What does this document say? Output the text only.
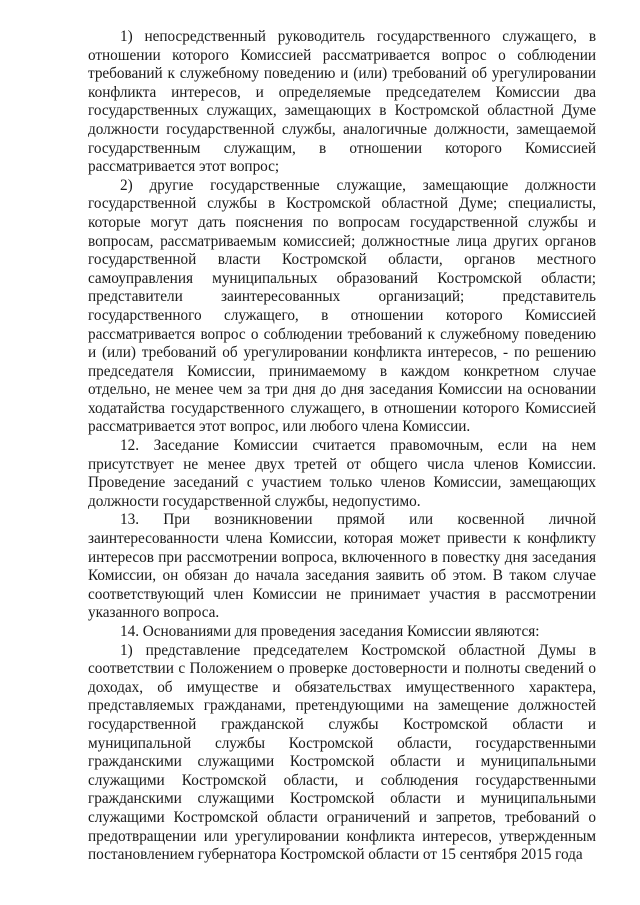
1) непосредственный руководитель государственного служащего, в отношении которого Комиссией рассматривается вопрос о соблюдении требований к служебному поведению и (или) требований об урегулировании конфликта интересов, и определяемые председателем Комиссии два государственных служащих, замещающих в Костромской областной Думе должности государственной службы, аналогичные должности, замещаемой государственным служащим, в отношении которого Комиссией рассматривается этот вопрос;

2) другие государственные служащие, замещающие должности государственной службы в Костромской областной Думе; специалисты, которые могут дать пояснения по вопросам государственной службы и вопросам, рассматриваемым комиссией; должностные лица других органов государственной власти Костромской области, органов местного самоуправления муниципальных образований Костромской области; представители заинтересованных организаций; представитель государственного служащего, в отношении которого Комиссией рассматривается вопрос о соблюдении требований к служебному поведению и (или) требований об урегулировании конфликта интересов, - по решению председателя Комиссии, принимаемому в каждом конкретном случае отдельно, не менее чем за три дня до дня заседания Комиссии на основании ходатайства государственного служащего, в отношении которого Комиссией рассматривается этот вопрос, или любого члена Комиссии.

12. Заседание Комиссии считается правомочным, если на нем присутствует не менее двух третей от общего числа членов Комиссии. Проведение заседаний с участием только членов Комиссии, замещающих должности государственной службы, недопустимо.

13. При возникновении прямой или косвенной личной заинтересованности члена Комиссии, которая может привести к конфликту интересов при рассмотрении вопроса, включенного в повестку дня заседания Комиссии, он обязан до начала заседания заявить об этом. В таком случае соответствующий член Комиссии не принимает участия в рассмотрении указанного вопроса.

14. Основаниями для проведения заседания Комиссии являются:

1) представление председателем Костромской областной Думы в соответствии с Положением о проверке достоверности и полноты сведений о доходах, об имуществе и обязательствах имущественного характера, представляемых гражданами, претендующими на замещение должностей государственной гражданской службы Костромской области и муниципальной службы Костромской области, государственными гражданскими служащими Костромской области и муниципальными служащими Костромской области, и соблюдения государственными гражданскими служащими Костромской области и муниципальными служащими Костромской области ограничений и запретов, требований о предотвращении или урегулировании конфликта интересов, утвержденным постановлением губернатора Костромской области от 15 сентября 2015 года
